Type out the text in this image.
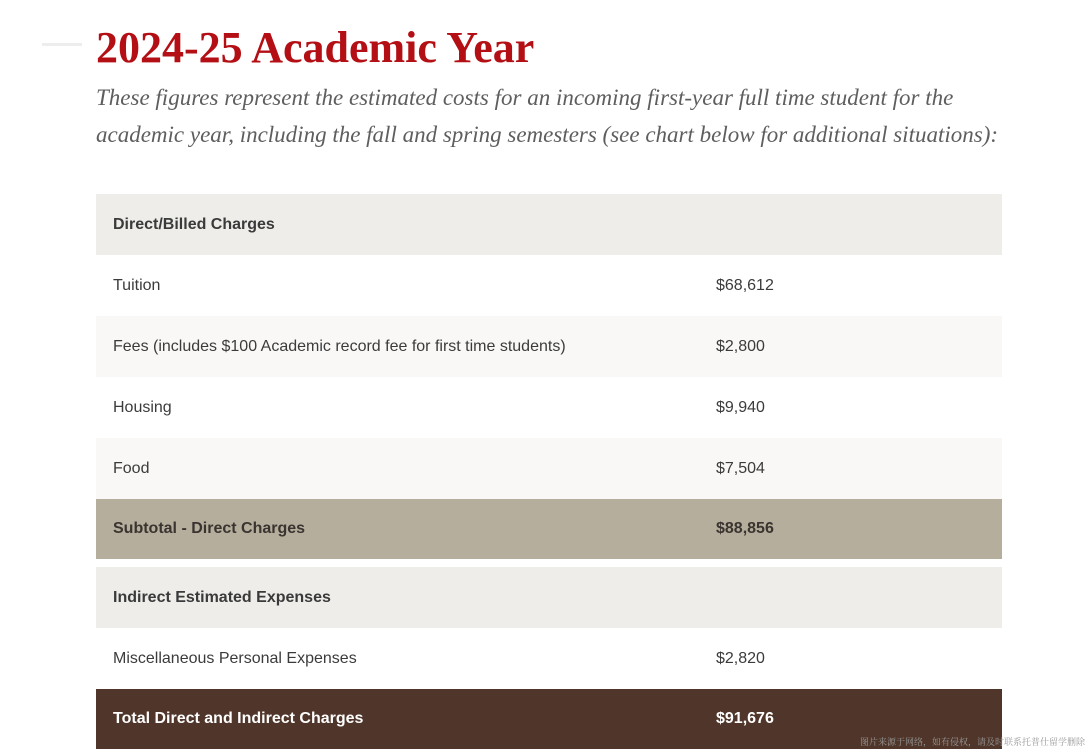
2024-25 Academic Year

These figures represent the estimated costs for an incoming first-year full time student for the academic year, including the fall and spring semesters (see chart below for additional situations):

Direct/Billed Charges
Tuition	$68,612
Fees (includes $100 Academic record fee for first time students)	$2,800
Housing	$9,940
Food	$7,504
Subtotal - Direct Charges	$88,856
Indirect Estimated Expenses
Miscellaneous Personal Expenses	$2,820
Total Direct and Indirect Charges	$91,676
图片来源于网络，如有侵权，请及时联系托普仕留学删除
